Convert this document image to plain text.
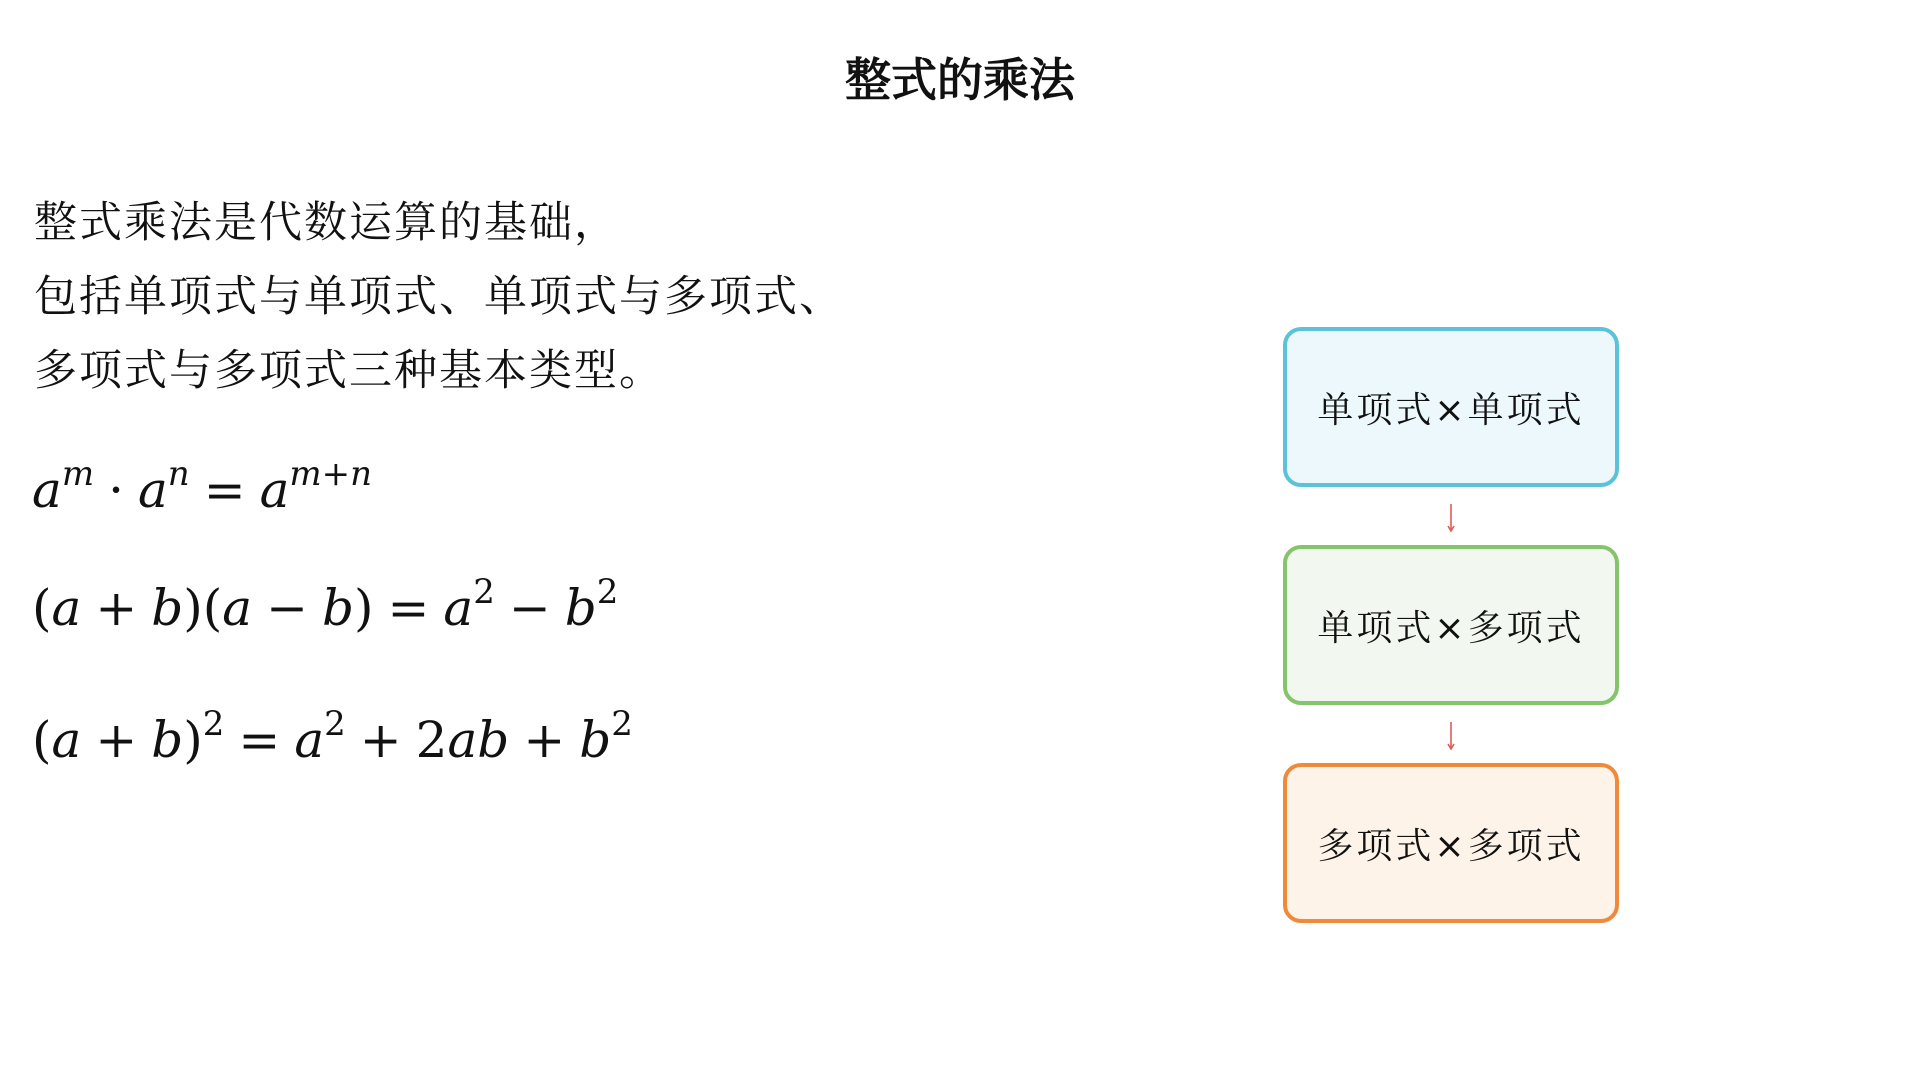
整式的乘法
整式乘法是代数运算的基础，
包括单项式与单项式、单项式与多项式、
多项式与多项式三种基本类型。
$a^m \cdot a^n = a^{m+n}$
$(a + b)(a - b) = a^2 - b^2$
$(a + b)^2 = a^2 + 2ab + b^2$
单项式×单项式
单项式×多项式
多项式×多项式
